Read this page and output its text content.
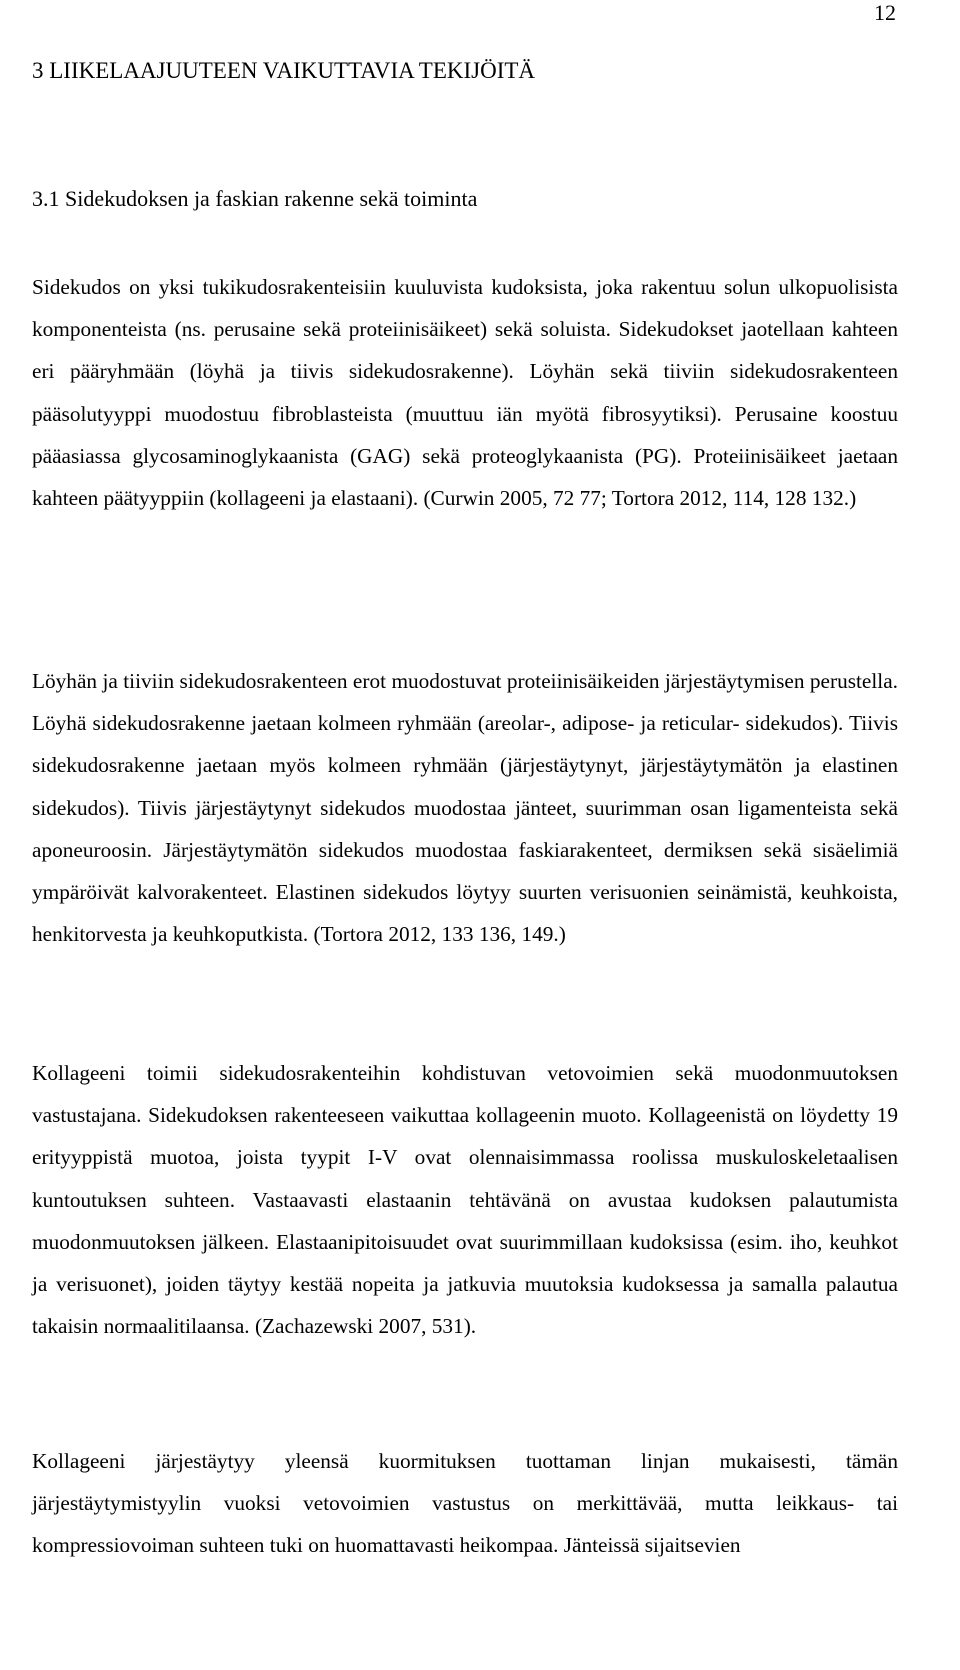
12
3 LIIKELAAJUUTEEN VAIKUTTAVIA TEKIJÖITÄ
3.1 Sidekudoksen ja faskian rakenne sekä toiminta

Sidekudos on yksi tukikudosrakenteisiin kuuluvista kudoksista, joka rakentuu solun ulkopuolisista komponenteista (ns. perusaine sekä proteiinisäikeet) sekä soluista. Sidekudokset jaotellaan kahteen eri pääryhmään (löyhä ja tiivis sidekudosrakenne). Löyhän sekä tiiviin sidekudosrakenteen pääsolutyyppi muodostuu fibroblasteista (muuttuu iän myötä fibrosyytiksi). Perusaine koostuu pääasiassa glycosaminoglykaanista (GAG) sekä proteoglykaanista (PG). Proteiinisäikeet jaetaan kahteen päätyyppiin (kollageeni ja elastaani). (Curwin 2005, 72 77; Tortora 2012, 114, 128 132.)

Löyhän ja tiiviin sidekudosrakenteen erot muodostuvat proteiinisäikeiden järjestäytymisen perustella. Löyhä sidekudosrakenne jaetaan kolmeen ryhmään (areolar-, adipose- ja reticular- sidekudos). Tiivis sidekudosrakenne jaetaan myös kolmeen ryhmään (järjestäytynyt, järjestäytymätön ja elastinen sidekudos). Tiivis järjestäytynyt sidekudos muodostaa jänteet, suurimman osan ligamenteista sekä aponeuroosin. Järjestäytymätön sidekudos muodostaa faskiarakenteet, dermiksen sekä sisäelimiä ympäröivät kalvorakenteet. Elastinen sidekudos löytyy suurten verisuonien seinämistä, keuhkoista, henkitorvesta ja keuhkoputkista. (Tortora 2012, 133 136, 149.)

Kollageeni toimii sidekudosrakenteihin kohdistuvan vetovoimien sekä muodonmuutoksen vastustajana. Sidekudoksen rakenteeseen vaikuttaa kollageenin muoto. Kollageenistä on löydetty 19 erityyppistä muotoa, joista tyypit I-V ovat olennaisimmassa roolissa muskuloskeletaalisen kuntoutuksen suhteen. Vastaavasti elastaanin tehtävänä on avustaa kudoksen palautumista muodonmuutoksen jälkeen. Elastaanipitoisuudet ovat suurimmillaan kudoksissa (esim. iho, keuhkot ja verisuonet), joiden täytyy kestää nopeita ja jatkuvia muutoksia kudoksessa ja samalla palautua takaisin normaalitilaansa. (Zachazewski 2007, 531).

Kollageeni järjestäytyy yleensä kuormituksen tuottaman linjan mukaisesti, tämän järjestäytymistyylin vuoksi vetovoimien vastustus on merkittävää, mutta leikkaus- tai kompressiovoiman suhteen tuki on huomattavasti heikompaa. Jänteissä sijaitsevien
